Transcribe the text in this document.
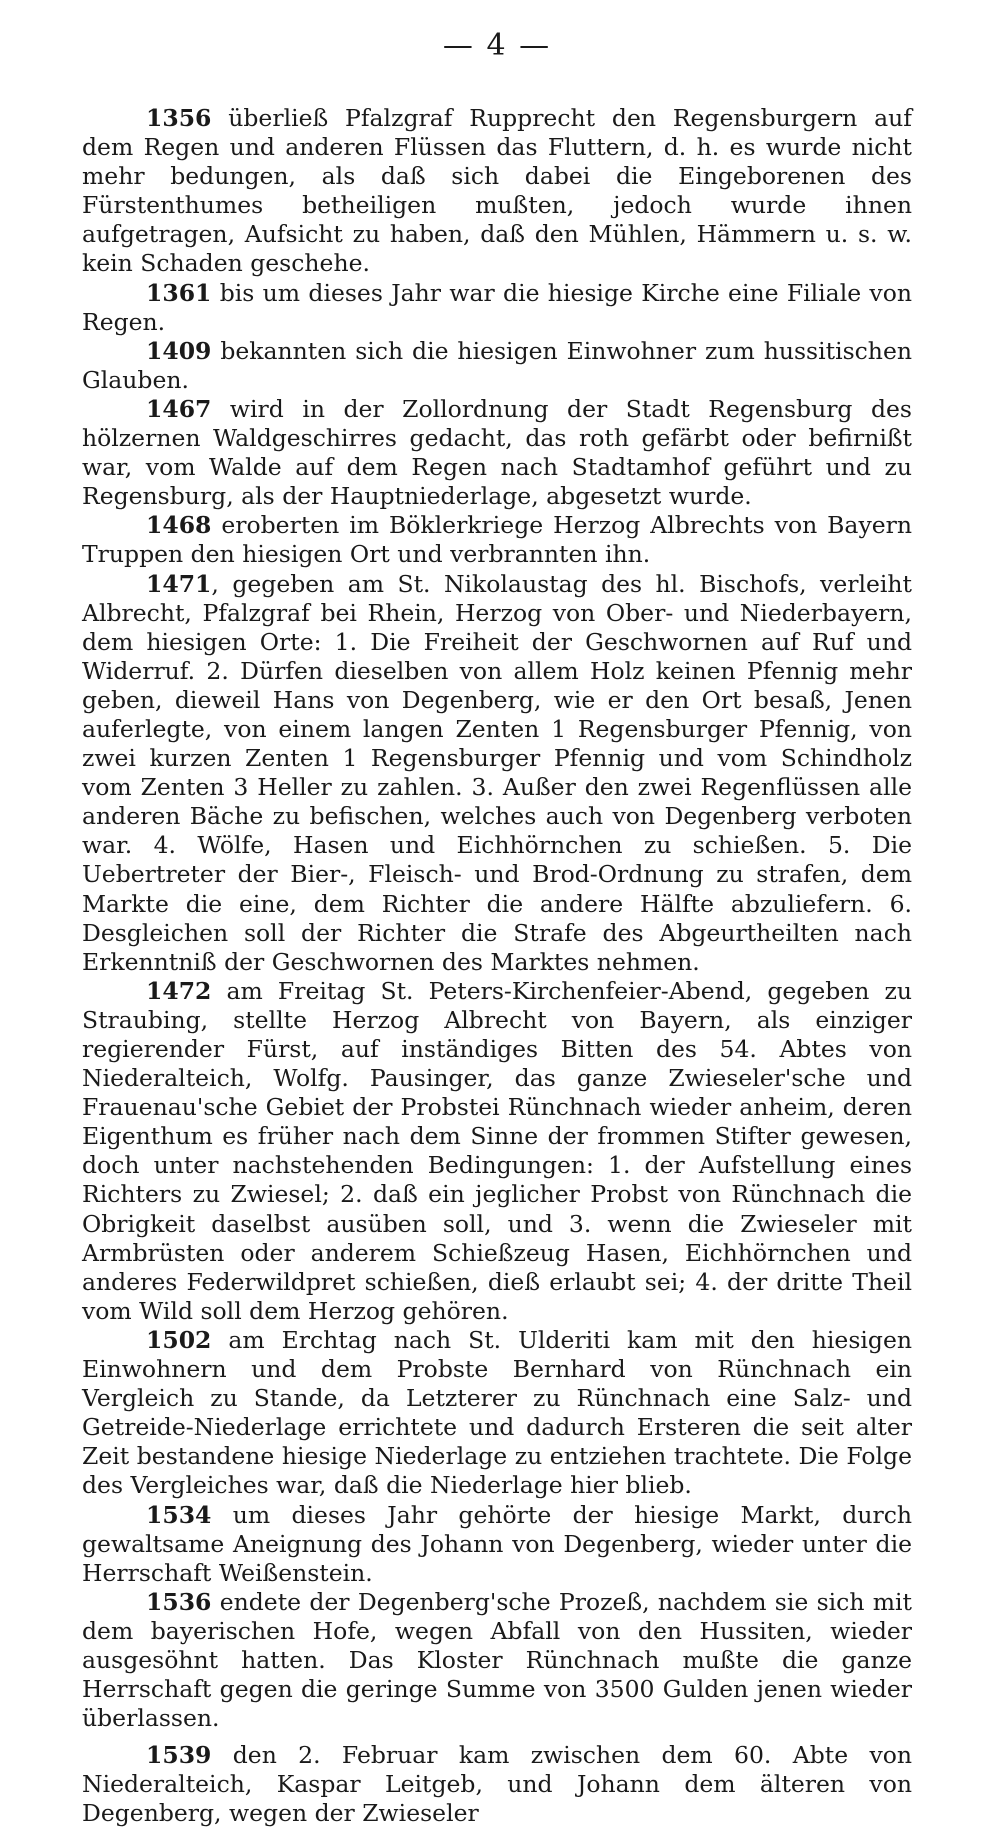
— 4 —

1356 überließ Pfalzgraf Rupprecht den Regensburgern auf dem Regen und anderen Flüssen das Fluttern, d. h. es wurde nicht mehr bedungen, als daß sich dabei die Eingeborenen des Fürstenthumes betheiligen mußten, jedoch wurde ihnen aufgetragen, Aufsicht zu haben, daß den Mühlen, Hämmern u. s. w. kein Schaden geschehe.

1361 bis um dieses Jahr war die hiesige Kirche eine Filiale von Regen.

1409 bekannten sich die hiesigen Einwohner zum hussitischen Glauben.

1467 wird in der Zollordnung der Stadt Regensburg des hölzernen Waldgeschirres gedacht, das roth gefärbt oder befirnißt war, vom Walde auf dem Regen nach Stadtamhof geführt und zu Regensburg, als der Hauptniederlage, abgesetzt wurde.

1468 eroberten im Böklerkriege Herzog Albrechts von Bayern Truppen den hiesigen Ort und verbrannten ihn.

1471, gegeben am St. Nikolaustag des hl. Bischofs, verleiht Albrecht, Pfalzgraf bei Rhein, Herzog von Ober- und Niederbayern, dem hiesigen Orte: 1. Die Freiheit der Geschwornen auf Ruf und Widerruf. 2. Dürfen dieselben von allem Holz keinen Pfennig mehr geben, dieweil Hans von Degenberg, wie er den Ort besaß, Jenen auferlegte, von einem langen Zenten 1 Regensburger Pfennig, von zwei kurzen Zenten 1 Regensburger Pfennig und vom Schindholz vom Zenten 3 Heller zu zahlen. 3. Außer den zwei Regenflüssen alle anderen Bäche zu befischen, welches auch von Degenberg verboten war. 4. Wölfe, Hasen und Eichhörnchen zu schießen. 5. Die Uebertreter der Bier-, Fleisch- und Brod-Ordnung zu strafen, dem Markte die eine, dem Richter die andere Hälfte abzuliefern. 6. Desgleichen soll der Richter die Strafe des Abgeurtheilten nach Erkenntniß der Geschwornen des Marktes nehmen.

1472 am Freitag St. Peters-Kirchenfeier-Abend, gegeben zu Straubing, stellte Herzog Albrecht von Bayern, als einziger regierender Fürst, auf inständiges Bitten des 54. Abtes von Niederalteich, Wolfg. Pausinger, das ganze Zwieseler'sche und Frauenau'sche Gebiet der Probstei Rünchnach wieder anheim, deren Eigenthum es früher nach dem Sinne der frommen Stifter gewesen, doch unter nachstehenden Bedingungen: 1. der Aufstellung eines Richters zu Zwiesel; 2. daß ein jeglicher Probst von Rünchnach die Obrigkeit daselbst ausüben soll, und 3. wenn die Zwieseler mit Armbrüsten oder anderem Schießzeug Hasen, Eichhörnchen und anderes Federwildpret schießen, dieß erlaubt sei; 4. der dritte Theil vom Wild soll dem Herzog gehören.

1502 am Erchtag nach St. Ulderiti kam mit den hiesigen Einwohnern und dem Probste Bernhard von Rünchnach ein Vergleich zu Stande, da Letzterer zu Rünchnach eine Salz- und Getreide-Niederlage errichtete und dadurch Ersteren die seit alter Zeit bestandene hiesige Niederlage zu entziehen trachtete. Die Folge des Vergleiches war, daß die Niederlage hier blieb.

1534 um dieses Jahr gehörte der hiesige Markt, durch gewaltsame Aneignung des Johann von Degenberg, wieder unter die Herrschaft Weißenstein.

1536 endete der Degenberg'sche Prozeß, nachdem sie sich mit dem bayerischen Hofe, wegen Abfall von den Hussiten, wieder ausgesöhnt hatten. Das Kloster Rünchnach mußte die ganze Herrschaft gegen die geringe Summe von 3500 Gulden jenen wieder überlassen.

1539 den 2. Februar kam zwischen dem 60. Abte von Niederalteich, Kaspar Leitgeb, und Johann dem älteren von Degenberg, wegen der Zwieseler
